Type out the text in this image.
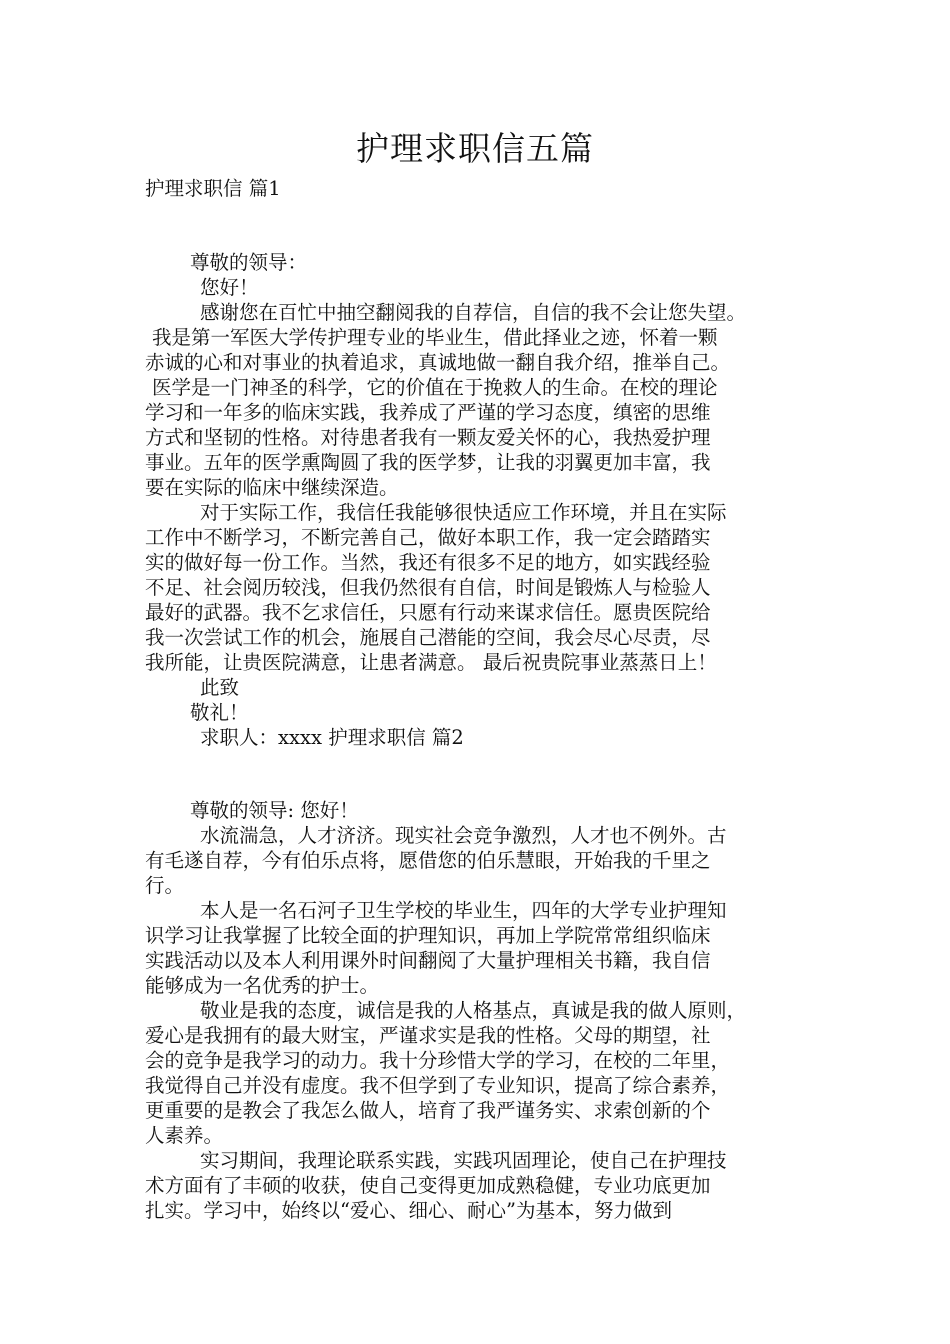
护理求职信五篇
护理求职信 篇1
尊敬的领导：
您好！
感谢您在百忙中抽空翻阅我的自荐信，自信的我不会让您失望。
我是第一军医大学传护理专业的毕业生，借此择业之迹，怀着一颗
赤诚的心和对事业的执着追求，真诚地做一翻自我介绍，推举自己。
医学是一门神圣的科学，它的价值在于挽救人的生命。在校的理论
学习和一年多的临床实践，我养成了严谨的学习态度，缜密的思维
方式和坚韧的性格。对待患者我有一颗友爱关怀的心，我热爱护理
事业。五年的医学熏陶圆了我的医学梦，让我的羽翼更加丰富，我
要在实际的临床中继续深造。
对于实际工作，我信任我能够很快适应工作环境，并且在实际
工作中不断学习，不断完善自己，做好本职工作，我一定会踏踏实
实的做好每一份工作。当然，我还有很多不足的地方，如实践经验
不足、社会阅历较浅，但我仍然很有自信，时间是锻炼人与检验人
最好的武器。我不乞求信任，只愿有行动来谋求信任。愿贵医院给
我一次尝试工作的机会，施展自己潜能的空间，我会尽心尽责，尽
我所能，让贵医院满意，让患者满意。 最后祝贵院事业蒸蒸日上！
此致
敬礼！
求职人：xxxx 护理求职信 篇2
尊敬的领导: 您好！
水流湍急，人才济济。现实社会竞争激烈，人才也不例外。古
有毛遂自荐，今有伯乐点将，愿借您的伯乐慧眼，开始我的千里之
行。
本人是一名石河子卫生学校的毕业生，四年的大学专业护理知
识学习让我掌握了比较全面的护理知识，再加上学院常常组织临床
实践活动以及本人利用课外时间翻阅了大量护理相关书籍，我自信
能够成为一名优秀的护士。
敬业是我的态度，诚信是我的人格基点，真诚是我的做人原则，
爱心是我拥有的最大财宝，严谨求实是我的性格。父母的期望，社
会的竞争是我学习的动力。我十分珍惜大学的学习，在校的二年里，
我觉得自己并没有虚度。我不但学到了专业知识，提高了综合素养，
更重要的是教会了我怎么做人，培育了我严谨务实、求索创新的个
人素养。
实习期间，我理论联系实践，实践巩固理论，使自己在护理技
术方面有了丰硕的收获，使自己变得更加成熟稳健，专业功底更加
扎实。学习中，始终以“爱心、细心、耐心”为基本，努力做到
